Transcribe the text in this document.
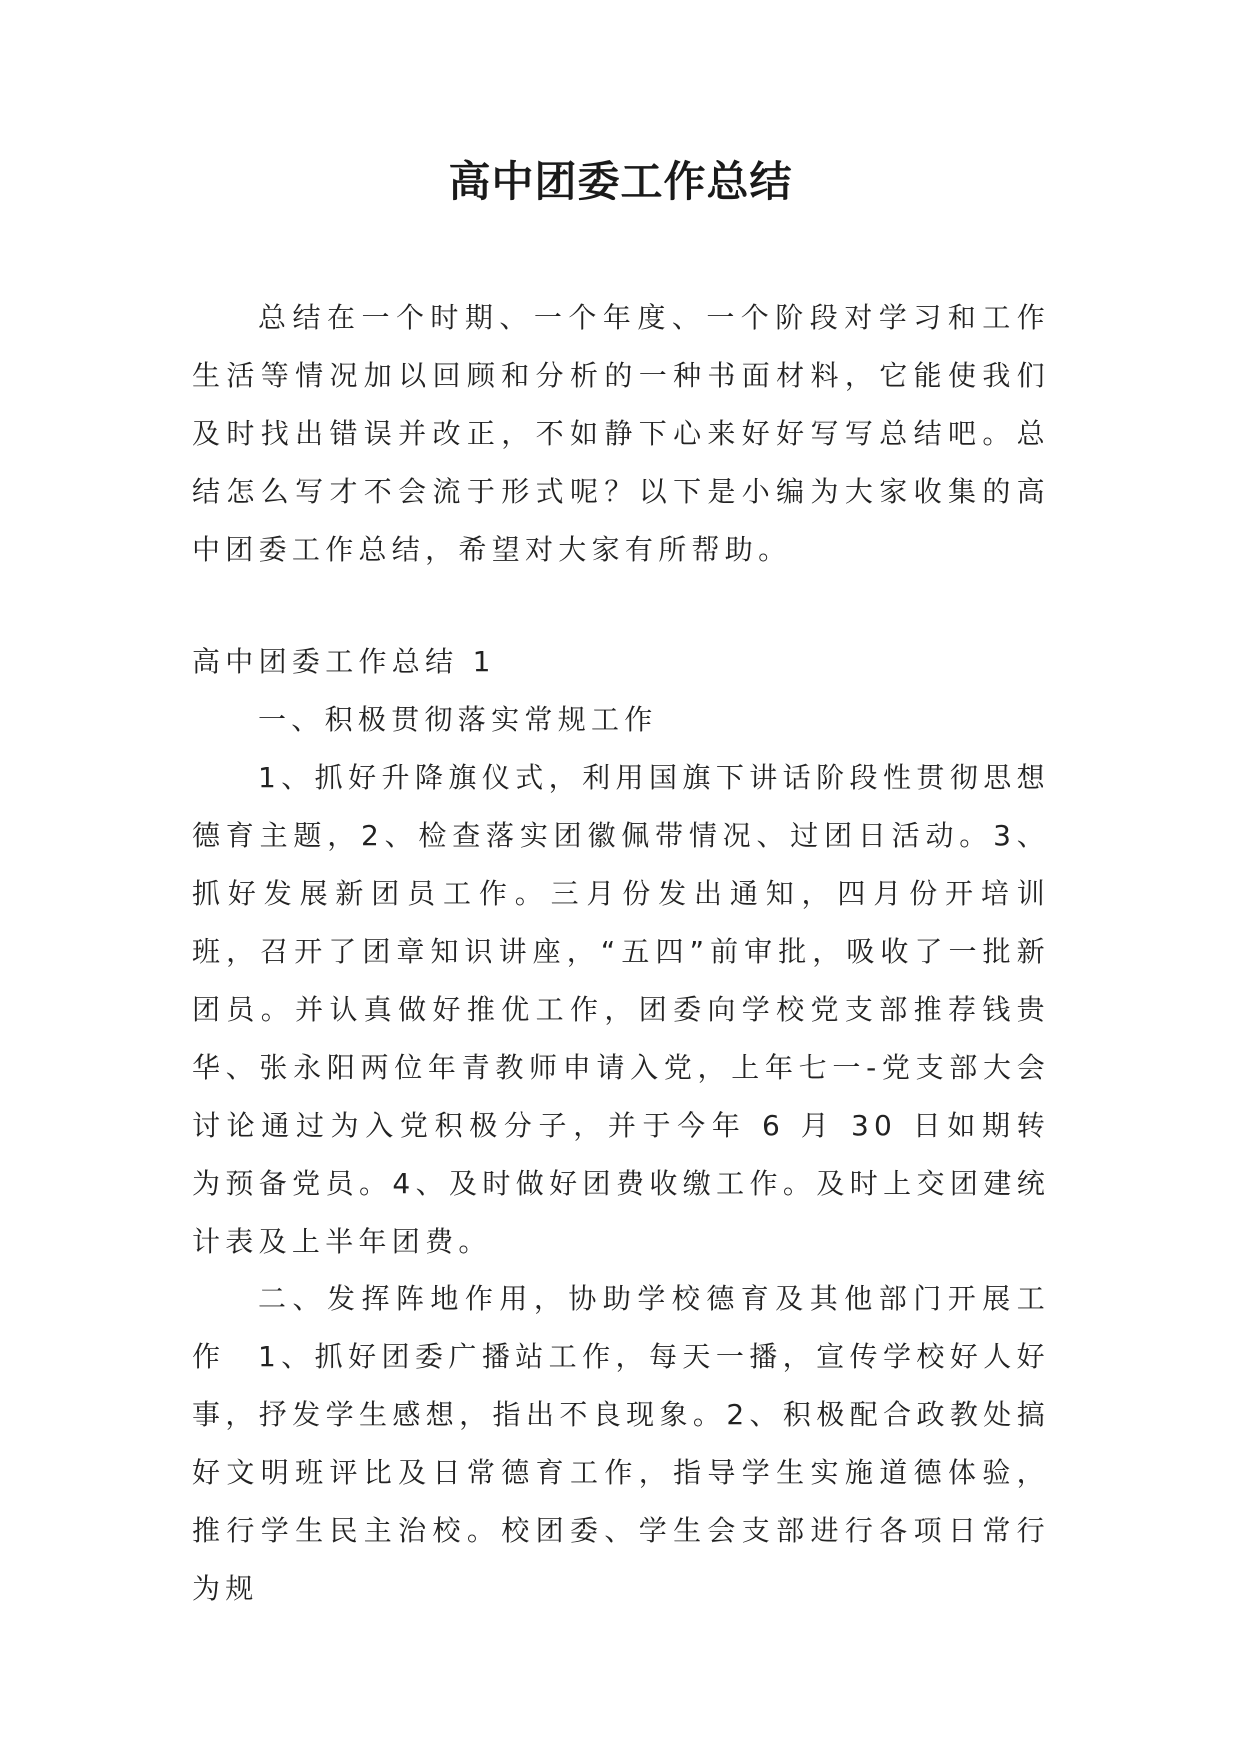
高中团委工作总结

总结在一个时期、一个年度、一个阶段对学习和工作生活等情况加以回顾和分析的一种书面材料，它能使我们及时找出错误并改正，不如静下心来好好写写总结吧。总结怎么写才不会流于形式呢？以下是小编为大家收集的高中团委工作总结，希望对大家有所帮助。

高中团委工作总结 1

一、积极贯彻落实常规工作

1、抓好升降旗仪式，利用国旗下讲话阶段性贯彻思想德育主题，2、检查落实团徽佩带情况、过团日活动。3、抓好发展新团员工作。三月份发出通知，四月份开培训班，召开了团章知识讲座，“五四”前审批，吸收了一批新团员。并认真做好推优工作，团委向学校党支部推荐钱贵华、张永阳两位年青教师申请入党，上年七一-党支部大会讨论通过为入党积极分子，并于今年 6 月 30 日如期转为预备党员。4、及时做好团费收缴工作。及时上交团建统计表及上半年团费。

二、发挥阵地作用，协助学校德育及其他部门开展工作	1、抓好团委广播站工作，每天一播，宣传学校好人好事，抒发学生感想，指出不良现象。2、积极配合政教处搞好文明班评比及日常德育工作，指导学生实施道德体验，推行学生民主治校。校团委、学生会支部进行各项日常行为规
